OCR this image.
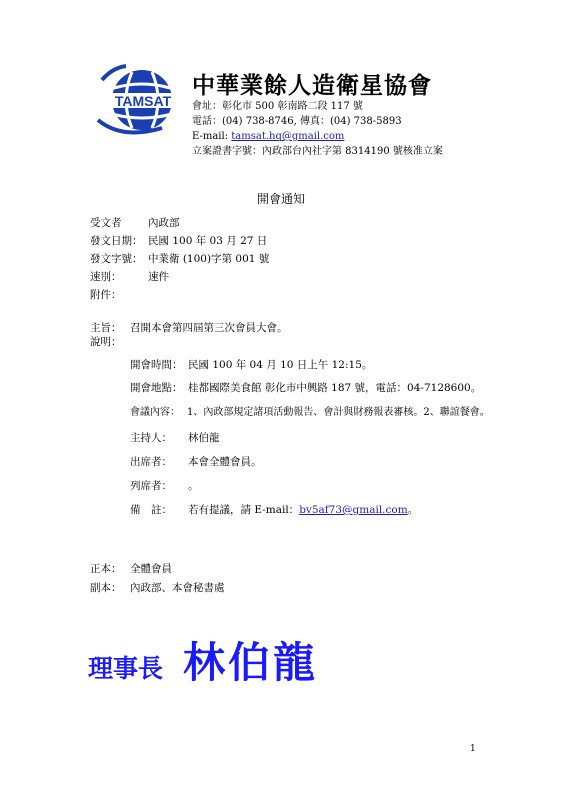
TAMSAT
中華業餘人造衛星協會
會址：彰化市 500 彰南路二段 117 號
電話：(04) 738-8746, 傳真：(04) 738-5893
E-mail: tamsat.hq@gmail.com
立案證書字號：內政部台內社字第 8314190 號核准立案
開會通知
受文者	內政部
發文日期： 民國 100 年 03 月 27 日
發文字號： 中業衛 (100)字第 001 號
速別：	速件
附件：
主旨： 召開本會第四屆第三次會員大會。
說明：
開會時間： 民國 100 年 04 月 10 日上午 12:15。
開會地點： 桂都國際美食館 彰化市中興路 187 號，電話：04-7128600。
會議內容： 1、內政部規定諸項活動報告、會計與財務報表審核。2、聯誼餐會。
主持人： 林伯龍
出席者： 本會全體會員。
列席者： 。
備　註： 若有提議，請 E-mail：bv5af73@gmail.com。
正本： 全體會員
副本： 內政部、本會秘書處
理事長 林伯龍
1
